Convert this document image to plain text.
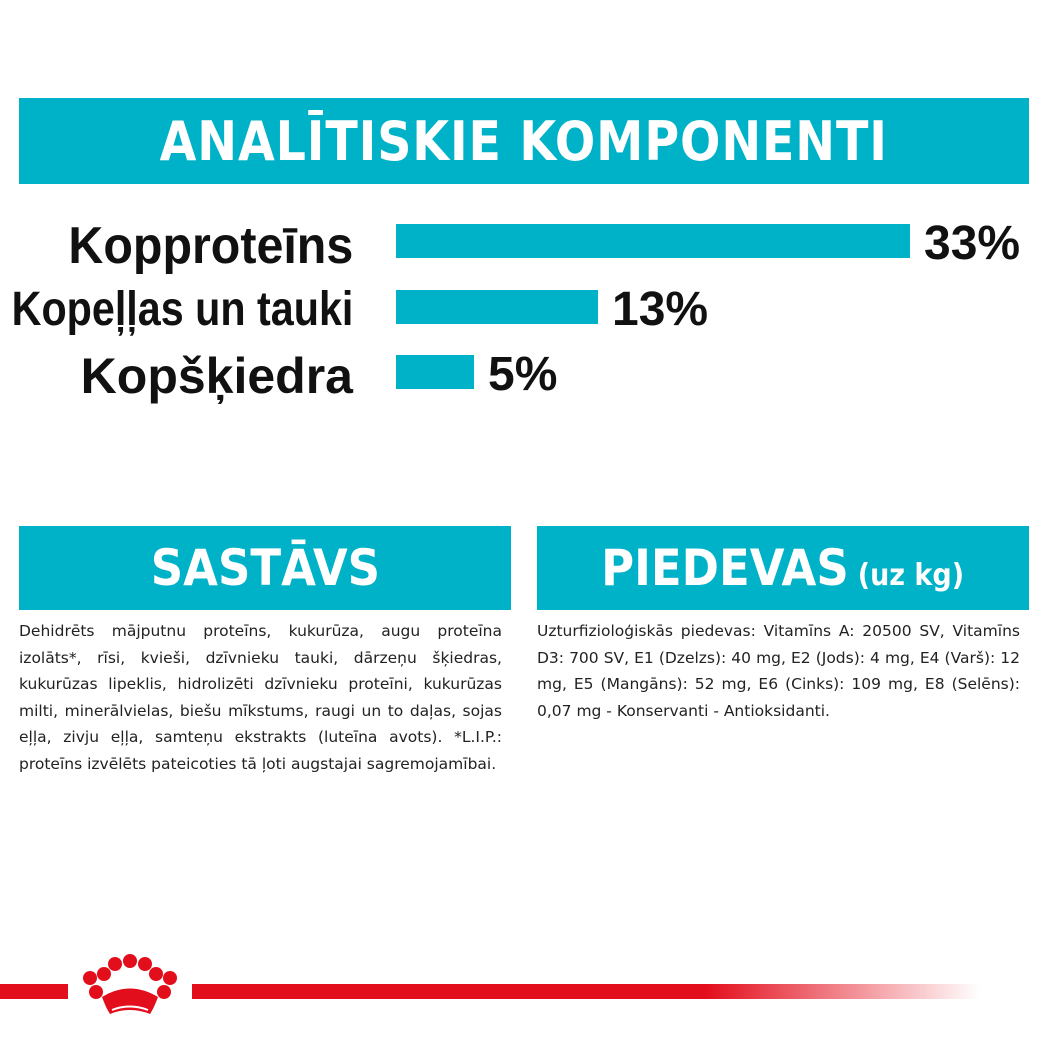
ANALĪTISKIE KOMPONENTI
Kopproteīns	33%
Kopeļļas un tauki	13%
Kopšķiedra	5%
SASTĀVS
Dehidrēts mājputnu proteīns, kukurūza, augu proteīna izolāts*, rīsi, kvieši, dzīvnieku tauki, dārzeņu šķiedras, kukurūzas lipeklis, hidrolizēti dzīvnieku proteīni, kukurūzas milti, minerālvielas, biešu mīkstums, raugi un to daļas, sojas eļļa, zivju eļļa, samteņu ekstrakts (luteīna avots). *L.I.P.: proteīns izvēlēts pateicoties tā ļoti augstajai sagremojamībai.
PIEDEVAS (uz kg)
Uzturfizioloģiskās piedevas: Vitamīns A: 20500 SV, Vitamīns D3: 700 SV, E1 (Dzelzs): 40 mg, E2 (Jods): 4 mg, E4 (Varš): 12 mg, E5 (Mangāns): 52 mg, E6 (Cinks): 109 mg, E8 (Selēns): 0,07 mg - Konservanti - Antioksidanti.
